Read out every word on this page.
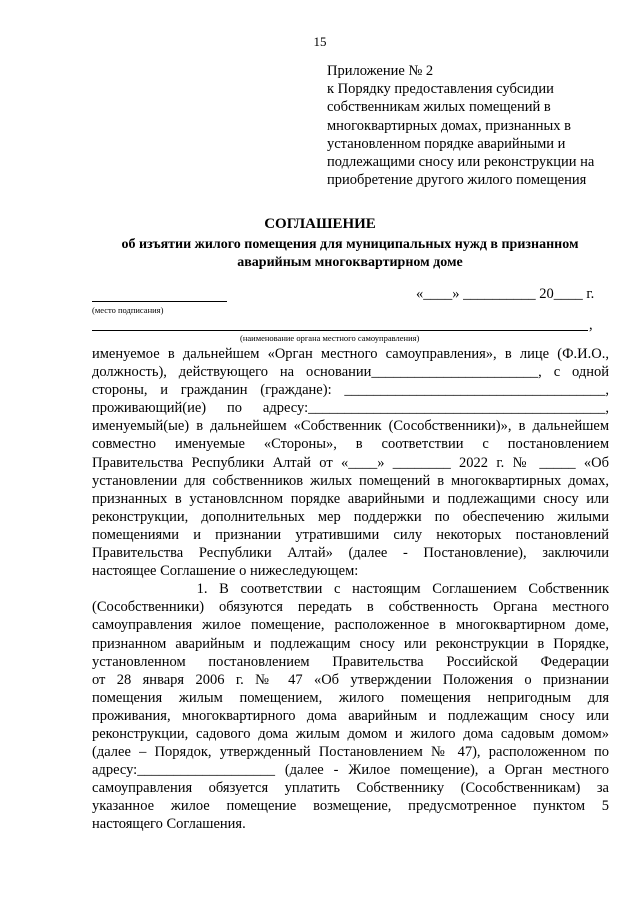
15
Приложение № 2
к Порядку предоставления субсидии
собственникам жилых помещений в
многоквартирных домах, признанных в
установленном порядке аварийными и
подлежащими сносу или реконструкции на
приобретение другого жилого помещения
СОГЛАШЕНИЕ
об изъятии жилого помещения для муниципальных нужд в признанном аварийным многоквартирном доме
(место подписания)
«____» __________ 20____ г.
,
(наименование органа местного самоуправления)
именуемое в дальнейшем «Орган местного самоуправления», в лице (Ф.И.О.,
должность), действующего на основании_______________________, с одной
стороны, и гражданин (граждане): ____________________________________,
проживающий(ие) по адресу:_________________________________________,
именуемый(ые) в дальнейшем «Собственник (Сособственники)», в дальнейшем
совместно именуемые «Стороны», в соответствии с постановлением
Правительства Республики Алтай от «____» ________ 2022 г. № _____ «Об
установлении для собственников жилых помещений в многоквартирных домах,
признанных в установлснном порядке аварийными и подлежащими сносу или
реконструкции, дополнительных мер поддержки по обеспечению жилыми
помещениями и признании утратившими силу некоторых постановлений
Правительства Республики Алтай» (далее - Постановление), заключили
настоящее Соглашение о нижеследующем:
1. В соответствии с настоящим Соглашением Собственник
(Сособственники) обязуются передать в собственность Органа местного
самоуправления жилое помещение, расположенное в многоквартирном доме,
признанном аварийным и подлежащим сносу или реконструкции в Порядке,
установленном постановлением Правительства Российской Федерации
от 28 января 2006 г. № 47 «Об утверждении Положения о признании
помещения жилым помещением, жилого помещения непригодным для
проживания, многоквартирного дома аварийным и подлежащим сносу или
реконструкции, садового дома жилым домом и жилого дома садовым домом»
(далее – Порядок, утвержденный Постановлением № 47), расположенном по
адресу:___________________ (далее - Жилое помещение), а Орган местного
самоуправления обязуется уплатить Собственнику (Сособственникам) за
указанное жилое помещение возмещение, предусмотренное пунктом 5
настоящего Соглашения.
